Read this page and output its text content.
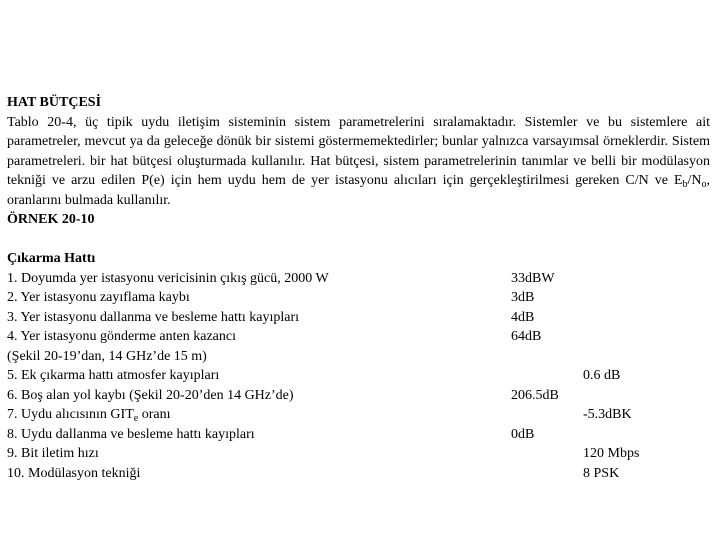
HAT BÜTÇESİ
Tablo 20-4, üç tipik uydu iletişim sisteminin sistem parametrelerini sıralamaktadır. Sistemler ve bu sistemlere ait parametreler, mevcut ya da geleceğe dönük bir sistemi göstermemektedirler; bunlar yalnızca varsayımsal örneklerdir. Sistem parametreleri. bir hat bütçesi oluşturmada kullanılır. Hat bütçesi, sistem parametrelerinin tanımlar ve belli bir modülasyon tekniği ve arzu edilen P(e) için hem uydu hem de yer istasyonu alıcıları için gerçekleştirilmesi gereken C/N ve $E_b/N_o$, oranlarını bulmada kullanılır.
ÖRNEK 20-10
Çıkarma Hattı
1. Doyumda yer istasyonu vericisinin çıkış gücü, 2000 W	33dBW
2. Yer istasyonu zayıflama kaybı	3dB
3. Yer istasyonu dallanma ve besleme hattı kayıpları	4dB
4. Yer istasyonu gönderme anten kazancı	64dB
(Şekil 20-19’dan, 14 GHz’de 15 m)
5. Ek çıkarma hattı atmosfer kayıpları	0.6 dB
6. Boş alan yol kaybı (Şekil 20-20’den 14 GHz’de)	206.5dB
7. Uydu alıcısının $GIT_e$ oranı	-5.3dBK
8. Uydu dallanma ve besleme hattı kayıpları	0dB
9. Bit iletim hızı	120 Mbps
10. Modülasyon tekniği	8 PSK
